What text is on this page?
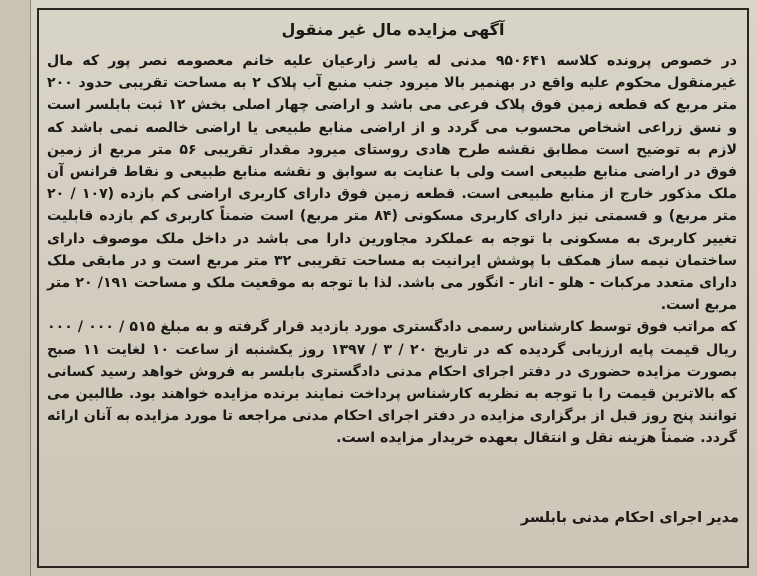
آگهی مزایده مال غیر منقول

در خصوص پرونده کلاسه ۹۵۰۶۴۱ مدنی له یاسر زارعیان علیه خانم معصومه نصر پور که مال غیرمنقول محکوم علیه واقع در بهنمیر بالا میرود جنب منبع آب پلاک ۲ به مساحت تقریبی حدود ۲۰۰ متر مربع که قطعه زمین فوق پلاک فرعی می باشد و اراضی چهار اصلی بخش ۱۲ ثبت بابلسر است و نسق زراعی اشخاص محسوب می گردد و از اراضی منابع طبیعی یا اراضی خالصه نمی باشد که لازم به توضیح است مطابق نقشه طرح هادی روستای میرود مقدار تقریبی ۵۶ متر مربع از زمین فوق در اراضی منابع طبیعی است ولی با عنایت به سوابق و نقشه منابع طبیعی و نقاط فرانس آن ملک مذکور خارج از منابع طبیعی است. قطعه زمین فوق دارای کاربری اراضی کم بازده (۱۰۷ / ۲۰ متر مربع) و قسمتی نیز دارای کاربری مسکونی (۸۴ متر مربع) است ضمناً کاربری کم بازده قابلیت تغییر کاربری به مسکونی با توجه به عملکرد مجاورین دارا می باشد در داخل ملک موصوف دارای ساختمان نیمه ساز همکف با پوشش ایرانیت به مساحت تقریبی ۳۲ متر مربع است و در مابقی ملک دارای متعدد مرکبات - هلو - انار - انگور می باشد. لذا با توجه به موقعیت ملک و مساحت ۱۹۱/ ۲۰ متر مربع است.
که مراتب فوق توسط کارشناس رسمی دادگستری مورد بازدید قرار گرفته و به مبلغ ۵۱۵ / ۰۰۰ / ۰۰۰ ریال قیمت پایه ارزیابی گردیده که در تاریخ ۲۰ / ۳ / ۱۳۹۷ روز یکشنبه از ساعت ۱۰ لغایت ۱۱ صبح بصورت مزایده حضوری در دفتر اجرای احکام مدنی دادگستری بابلسر به فروش خواهد رسید کسانی که بالاترین قیمت را با توجه به نظریه کارشناس پرداخت نمایند برنده مزایده خواهند بود. طالبین می توانند پنج روز قبل از برگزاری مزایده در دفتر اجرای احکام مدنی مراجعه تا مورد مزایده به آنان ارائه گردد. ضمناً هزینه نقل و انتقال بعهده خریدار مزایده است.

مدیر اجرای احکام مدنی بابلسر
